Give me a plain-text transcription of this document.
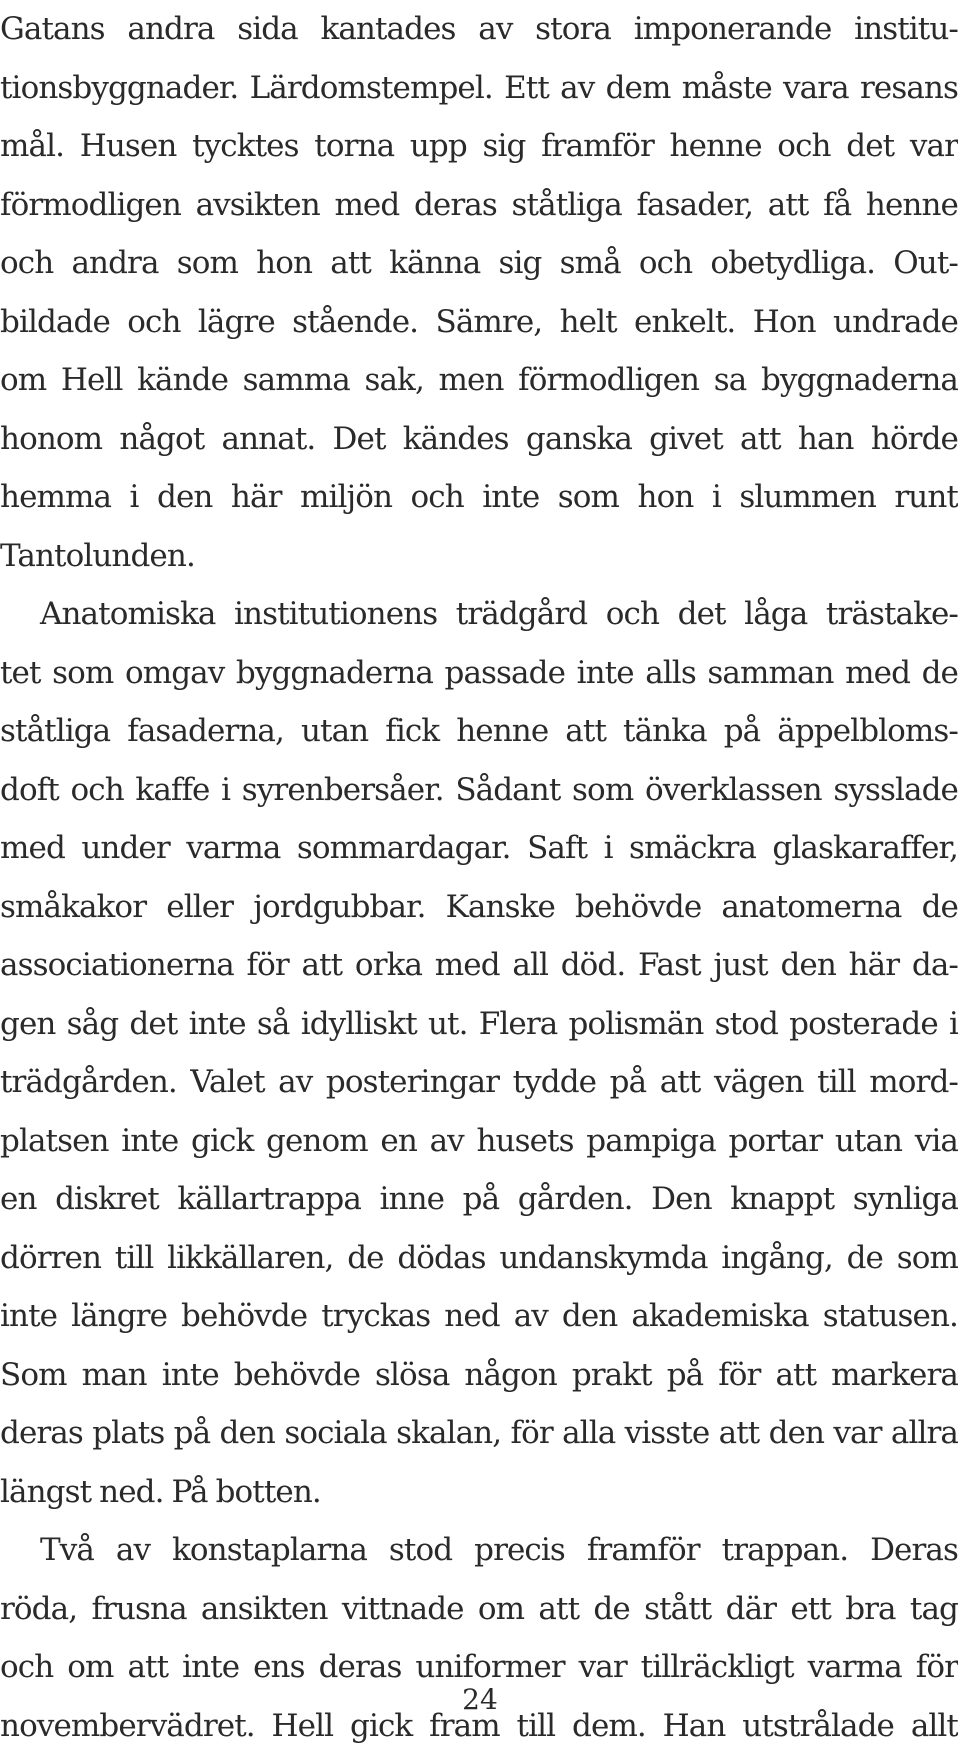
Gatans andra sida kantades av stora imponerande institu-
tionsbyggnader. Lärdomstempel. Ett av dem måste vara resans
mål. Husen tycktes torna upp sig framför henne och det var
förmodligen avsikten med deras ståtliga fasader, att få henne
och andra som hon att känna sig små och obetydliga. Out-
bildade och lägre stående. Sämre, helt enkelt. Hon undrade
om Hell kände samma sak, men förmodligen sa byggnaderna
honom något annat. Det kändes ganska givet att han hörde
hemma i den här miljön och inte som hon i slummen runt
Tantolunden.
Anatomiska institutionens trädgård och det låga trästake-
tet som omgav byggnaderna passade inte alls samman med de
ståtliga fasaderna, utan fick henne att tänka på äppelbloms-
doft och kaffe i syrenbersåer. Sådant som överklassen sysslade
med under varma sommardagar. Saft i smäckra glaskaraffer,
småkakor eller jordgubbar. Kanske behövde anatomerna de
associationerna för att orka med all död. Fast just den här da-
gen såg det inte så idylliskt ut. Flera polismän stod posterade i
trädgården. Valet av posteringar tydde på att vägen till mord-
platsen inte gick genom en av husets pampiga portar utan via
en diskret källartrappa inne på gården. Den knappt synliga
dörren till likkällaren, de dödas undanskymda ingång, de som
inte längre behövde tryckas ned av den akademiska statusen.
Som man inte behövde slösa någon prakt på för att markera
deras plats på den sociala skalan, för alla visste att den var allra
längst ned. På botten.
Två av konstaplarna stod precis framför trappan. Deras
röda, frusna ansikten vittnade om att de stått där ett bra tag
och om att inte ens deras uniformer var tillräckligt varma för
novembervädret. Hell gick fram till dem. Han utstrålade allt
24
